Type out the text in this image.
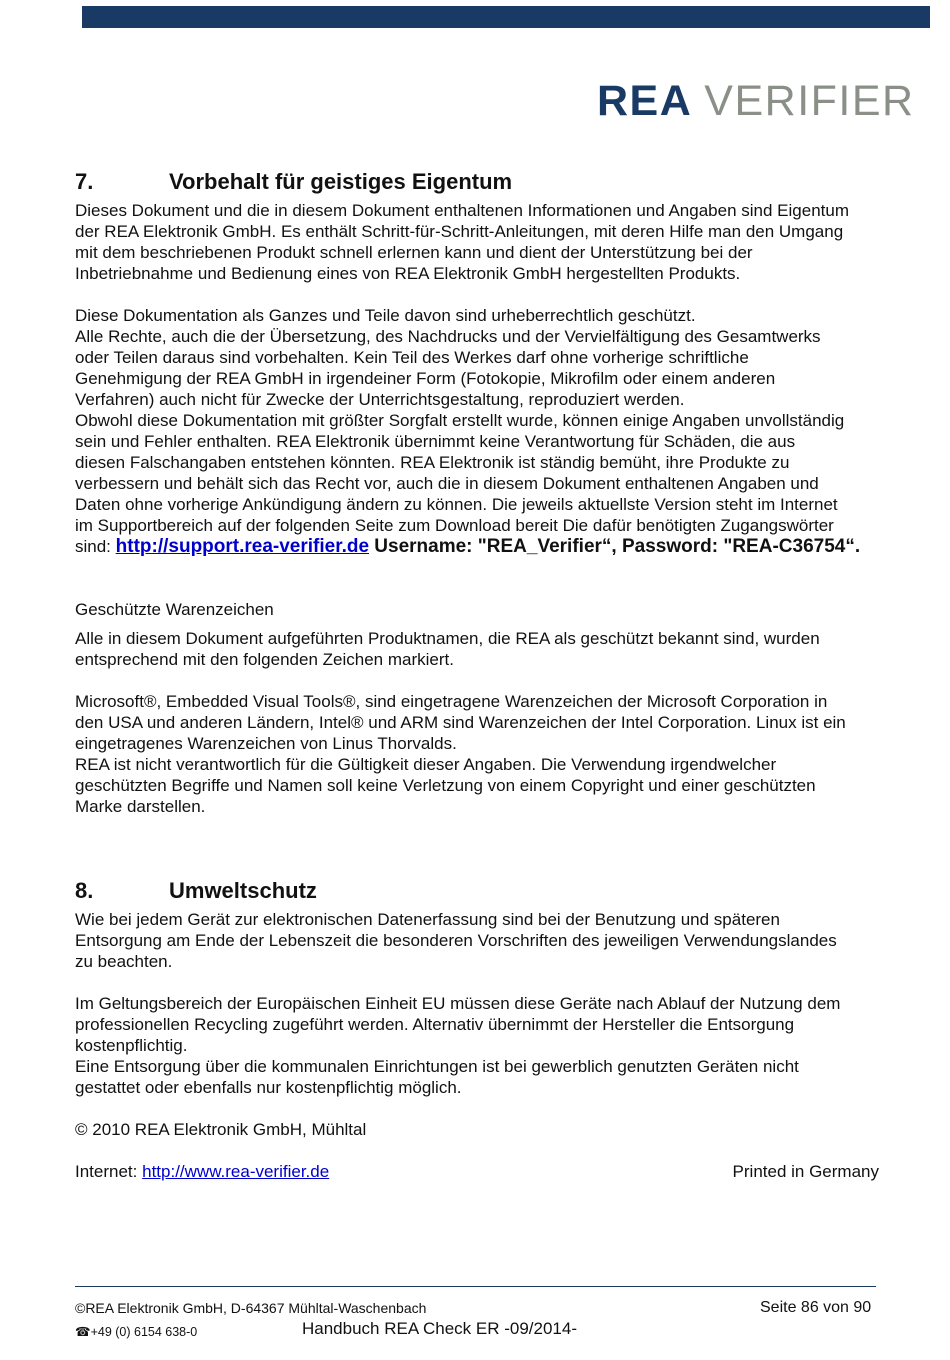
REA VERIFIER
7.	Vorbehalt für geistiges Eigentum

Dieses Dokument und die in diesem Dokument enthaltenen Informationen und Angaben sind Eigentum
der REA Elektronik GmbH. Es enthält Schritt-für-Schritt-Anleitungen, mit deren Hilfe man den Umgang
mit dem beschriebenen Produkt schnell erlernen kann und dient der Unterstützung bei der
Inbetriebnahme und Bedienung eines von REA Elektronik GmbH hergestellten Produkts.

Diese Dokumentation als Ganzes und Teile davon sind urheberrechtlich geschützt.
Alle Rechte, auch die der Übersetzung, des Nachdrucks und der Vervielfältigung des Gesamtwerks
oder Teilen daraus sind vorbehalten. Kein Teil des Werkes darf ohne vorherige schriftliche
Genehmigung der REA GmbH in irgendeiner Form (Fotokopie, Mikrofilm oder einem anderen
Verfahren) auch nicht für Zwecke der Unterrichtsgestaltung, reproduziert werden.
Obwohl diese Dokumentation mit größter Sorgfalt erstellt wurde, können einige Angaben unvollständig
sein und Fehler enthalten. REA Elektronik übernimmt keine Verantwortung für Schäden, die aus
diesen Falschangaben entstehen könnten. REA Elektronik ist ständig bemüht, ihre Produkte zu
verbessern und behält sich das Recht vor, auch die in diesem Dokument enthaltenen Angaben und
Daten ohne vorherige Ankündigung ändern zu können. Die jeweils aktuellste Version steht im Internet
im Supportbereich auf der folgenden Seite zum Download bereit Die dafür benötigten Zugangswörter
sind: http://support.rea-verifier.de Username: "REA_Verifier“, Password: "REA-C36754“.

Geschützte Warenzeichen

Alle in diesem Dokument aufgeführten Produktnamen, die REA als geschützt bekannt sind, wurden
entsprechend mit den folgenden Zeichen markiert.

Microsoft®, Embedded Visual Tools®, sind eingetragene Warenzeichen der Microsoft Corporation in
den USA und anderen Ländern, Intel® und ARM sind Warenzeichen der Intel Corporation. Linux ist ein
eingetragenes Warenzeichen von Linus Thorvalds.
REA ist nicht verantwortlich für die Gültigkeit dieser Angaben. Die Verwendung irgendwelcher
geschützten Begriffe und Namen soll keine Verletzung von einem Copyright und einer geschützten
Marke darstellen.

8.	Umweltschutz

Wie bei jedem Gerät zur elektronischen Datenerfassung sind bei der Benutzung und späteren
Entsorgung am Ende der Lebenszeit die besonderen Vorschriften des jeweiligen Verwendungslandes
zu beachten.

Im Geltungsbereich der Europäischen Einheit EU müssen diese Geräte nach Ablauf der Nutzung dem
professionellen Recycling zugeführt werden. Alternativ übernimmt der Hersteller die Entsorgung
kostenpflichtig.
Eine Entsorgung über die kommunalen Einrichtungen ist bei gewerblich genutzten Geräten nicht
gestattet oder ebenfalls nur kostenpflichtig möglich.

© 2010 REA Elektronik GmbH, Mühltal

Internet: http://www.rea-verifier.de	Printed in Germany
©REA Elektronik GmbH, D-64367 Mühltal-Waschenbach	Seite 86 von 90
☎+49 (0) 6154 638-0	Handbuch REA Check ER -09/2014-
